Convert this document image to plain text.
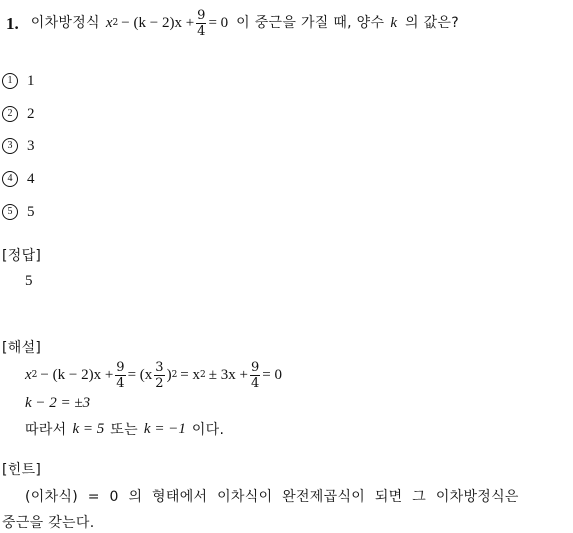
1. 이차방정식 x $2 - (k - 2)x + \frac{9}{4} = 0$ 이 중근을 가질 때, 양수 k 의 값은?
1 1
2 2
3 3
4 4
5 5
[정답]
5
[해설]
x $2 - (k - 2)x + \frac{9}{4} = (x \frac{3}{2}$ ) 2 = x $2 \pm 3x + \frac{9}{4} = 0$
k − 2 = ±3
따라서 k = 5 또는 k = −1 이다.
[힌트]
(이차식) = 0 의 형태에서 이차식이 완전제곱식이 되면 그 이차방정식은
중근을 갖는다.
